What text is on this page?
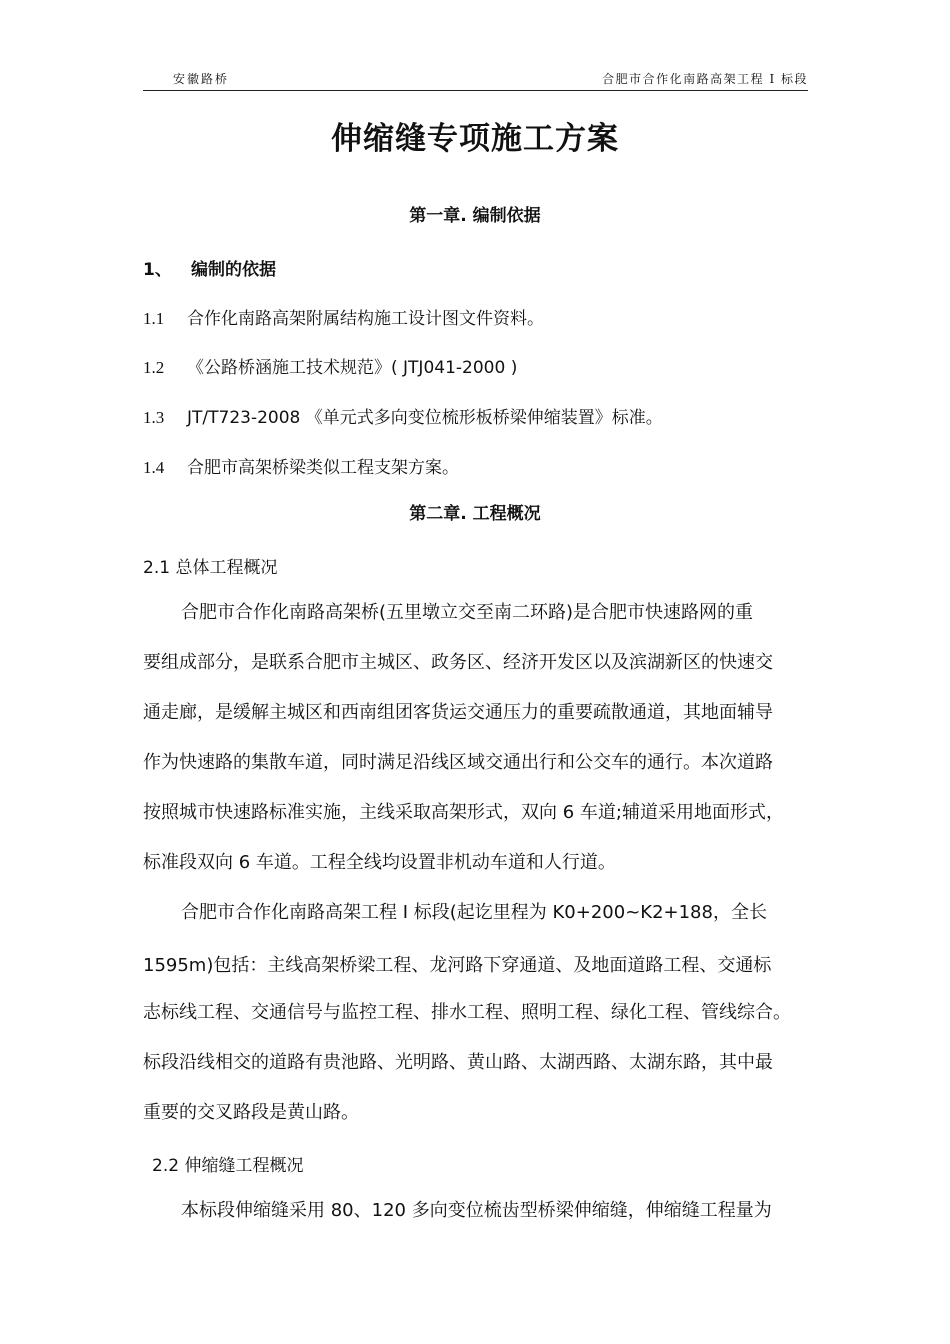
安徽路桥	合肥市合作化南路高架工程 I 标段
伸缩缝专项施工方案
第一章. 编制依据
1、 编制的依据
1.1 合作化南路高架附属结构施工设计图文件资料。
1.2 《公路桥涵施工技术规范》( JTJ041-2000 )
1.3 JT/T723-2008 《单元式多向变位梳形板桥梁伸缩装置》标准。
1.4 合肥市高架桥梁类似工程支架方案。
第二章. 工程概况
2.1 总体工程概况
合肥市合作化南路高架桥(五里墩立交至南二环路)是合肥市快速路网的重
要组成部分，是联系合肥市主城区、政务区、经济开发区以及滨湖新区的快速交
通走廊，是缓解主城区和西南组团客货运交通压力的重要疏散通道，其地面辅导
作为快速路的集散车道，同时满足沿线区域交通出行和公交车的通行。本次道路
按照城市快速路标准实施，主线采取高架形式，双向 6 车道;辅道采用地面形式，
标准段双向 6 车道。工程全线均设置非机动车道和人行道。
合肥市合作化南路高架工程 I 标段(起讫里程为 K0+200~K2+188，全长
1595m)包括：主线高架桥梁工程、龙河路下穿通道、及地面道路工程、交通标
志标线工程、交通信号与监控工程、排水工程、照明工程、绿化工程、管线综合。
标段沿线相交的道路有贵池路、光明路、黄山路、太湖西路、太湖东路，其中最
重要的交叉路段是黄山路。
2.2 伸缩缝工程概况
本标段伸缩缝采用 80、120 多向变位梳齿型桥梁伸缩缝，伸缩缝工程量为
